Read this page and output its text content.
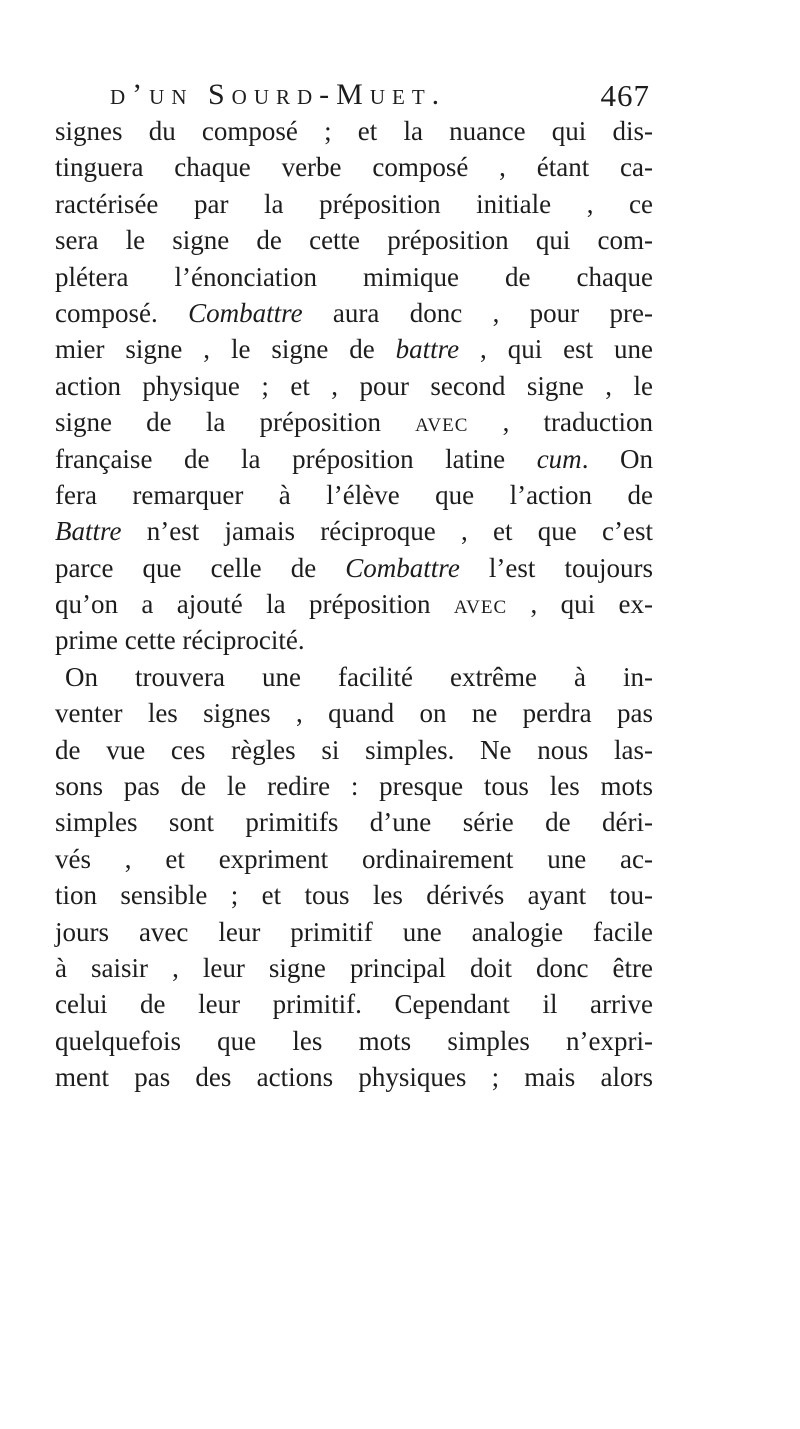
d’un Sourd-Muet.	467
signes du composé ; et la nuance qui dis-
tinguera chaque verbe composé , étant ca-
ractérisée par la préposition initiale , ce
sera le signe de cette préposition qui com-
plétera l’énonciation mimique de chaque
composé. Combattre aura donc , pour pre-
mier signe , le signe de battre , qui est une
action physique ; et , pour second signe , le
signe de la préposition avec , traduction
française de la préposition latine cum. On
fera remarquer à l’élève que l’action de
Battre n’est jamais réciproque , et que c’est
parce que celle de Combattre l’est toujours
qu’on a ajouté la préposition avec , qui ex-
prime cette réciprocité.
On trouvera une facilité extrême à in-
venter les signes , quand on ne perdra pas
de vue ces règles si simples. Ne nous las-
sons pas de le redire : presque tous les mots
simples sont primitifs d’une série de déri-
vés , et expriment ordinairement une ac-
tion sensible ; et tous les dérivés ayant tou-
jours avec leur primitif une analogie facile
à saisir , leur signe principal doit donc être
celui de leur primitif. Cependant il arrive
quelquefois que les mots simples n’expri-
ment pas des actions physiques ; mais alors
